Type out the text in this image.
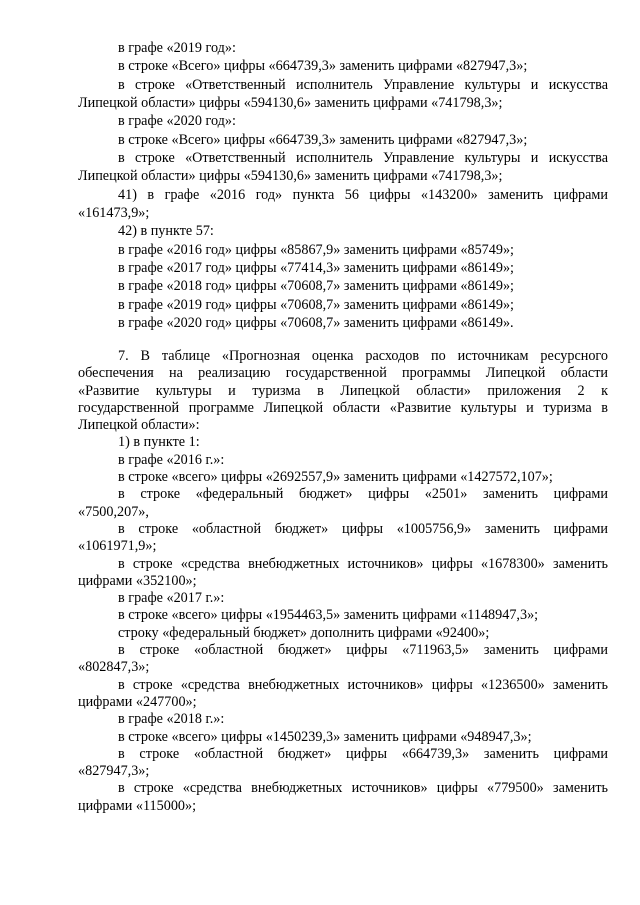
в графе «2019 год»:
в строке «Всего» цифры «664739,3» заменить цифрами «827947,3»;
в строке «Ответственный исполнитель Управление культуры и искусства
Липецкой области» цифры «594130,6» заменить цифрами «741798,3»;
в графе «2020 год»:
в строке «Всего» цифры «664739,3» заменить цифрами «827947,3»;
в строке «Ответственный исполнитель Управление культуры и искусства
Липецкой области» цифры «594130,6» заменить цифрами «741798,3»;
41) в графе «2016 год» пункта 56 цифры «143200» заменить цифрами
«161473,9»;
42) в пункте 57:
в графе «2016 год» цифры «85867,9» заменить цифрами «85749»;
в графе «2017 год» цифры «77414,3» заменить цифрами «86149»;
в графе «2018 год» цифры «70608,7» заменить цифрами «86149»;
в графе «2019 год» цифры «70608,7» заменить цифрами «86149»;
в графе «2020 год» цифры «70608,7» заменить цифрами «86149».
7. В таблице «Прогнозная оценка расходов по источникам ресурсного
обеспечения на реализацию государственной программы Липецкой области
«Развитие культуры и туризма в Липецкой области» приложения 2 к
государственной программе Липецкой области «Развитие культуры и туризма в
Липецкой области»:
1) в пункте 1:
в графе «2016 г.»:
в строке «всего» цифры «2692557,9» заменить цифрами «1427572,107»;
в строке «федеральный бюджет» цифры «2501» заменить цифрами
«7500,207»,
в строке «областной бюджет» цифры «1005756,9» заменить цифрами
«1061971,9»;
в строке «средства внебюджетных источников» цифры «1678300» заменить
цифрами «352100»;
в графе «2017 г.»:
в строке «всего» цифры «1954463,5» заменить цифрами «1148947,3»;
строку «федеральный бюджет» дополнить цифрами «92400»;
в строке «областной бюджет» цифры «711963,5» заменить цифрами
«802847,3»;
в строке «средства внебюджетных источников» цифры «1236500» заменить
цифрами «247700»;
в графе «2018 г.»:
в строке «всего» цифры «1450239,3» заменить цифрами «948947,3»;
в строке «областной бюджет» цифры «664739,3» заменить цифрами
«827947,3»;
в строке «средства внебюджетных источников» цифры «779500» заменить
цифрами «115000»;
